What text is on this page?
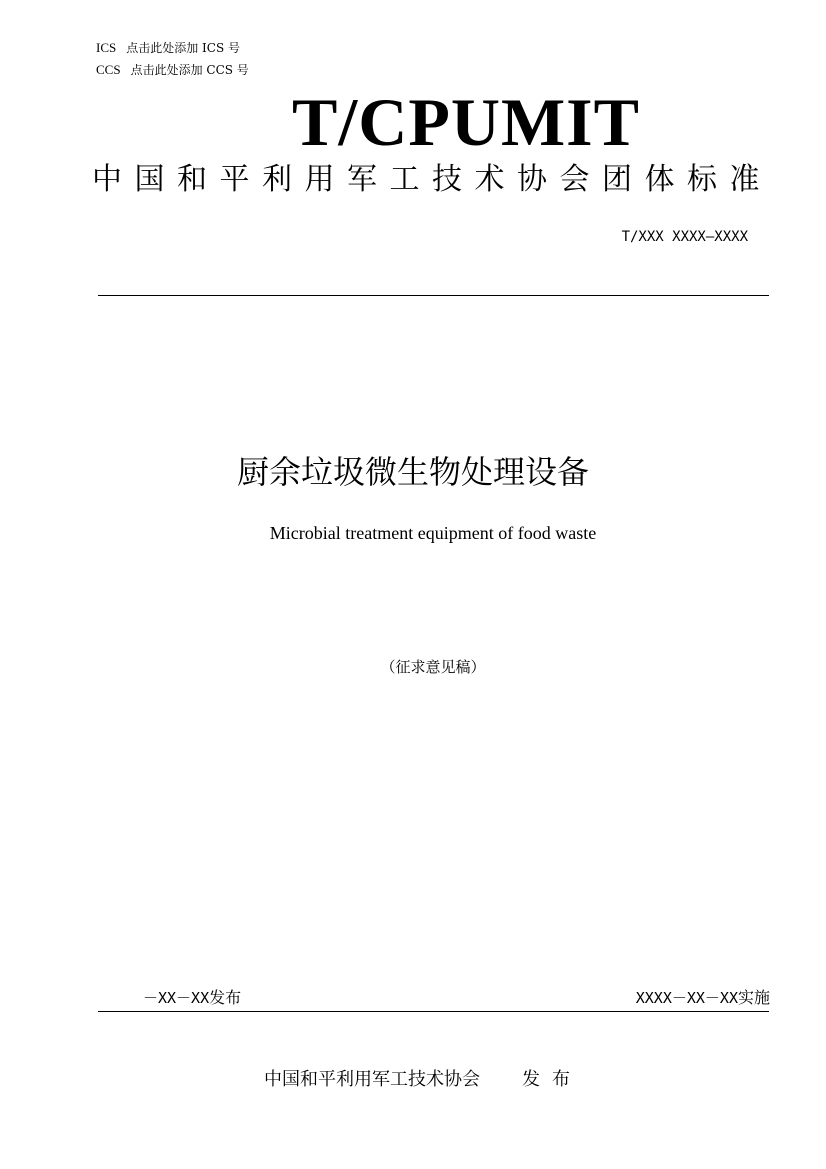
ICS 点击此处添加 ICS 号
CCS 点击此处添加 CCS 号
T/CPUMIT
中国和平利用军工技术协会团体标准
T/XXX XXXX—XXXX
厨余垃圾微生物处理设备
Microbial treatment equipment of food waste
（征求意见稿）
－XX－XX发布	XXXX－XX－XX实施
中国和平利用军工技术协会 发布
